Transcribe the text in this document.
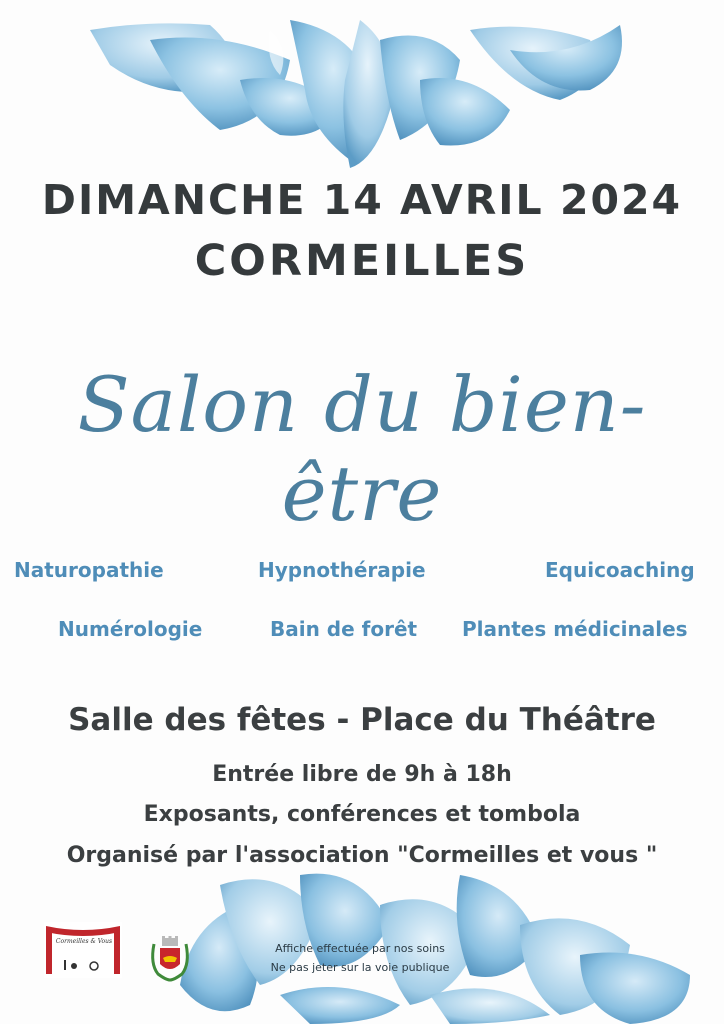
DIMANCHE 14 AVRIL 2024
CORMEILLES
Salon du bien-être
Naturopathie	Hypnothérapie	Equicoaching
Numérologie	Bain de forêt Plantes médicinales
Salle des fêtes - Place du Théâtre
Entrée libre de 9h à 18h
Exposants, conférences et tombola
Organisé par l'association "Cormeilles et vous "
Cormeilles & Vous
Affiche effectuée par nos soins
Ne pas jeter sur la voie publique
